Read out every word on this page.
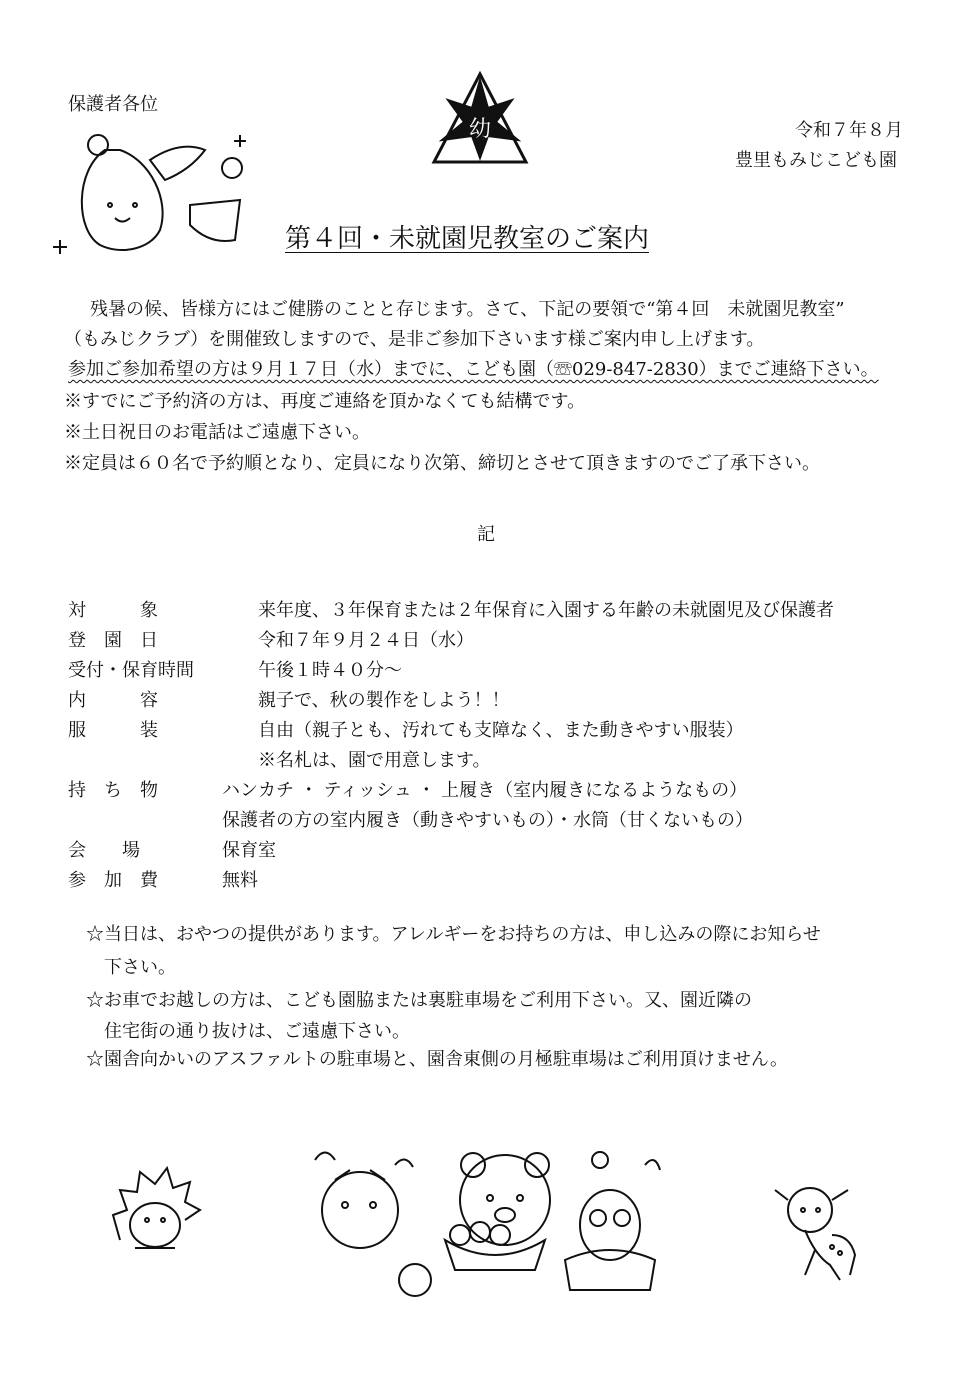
保護者各位
令和７年８月
豊里もみじこども園
幼
第４回・未就園児教室のご案内
残暑の候、皆様方にはご健勝のことと存じます。さて、下記の要領で“第４回　未就園児教室”
（もみじクラブ）を開催致しますので、是非ご参加下さいます様ご案内申し上げます。
参加ご参加希望の方は９月１７日（水）までに、こども園（☏029-847-2830）までご連絡下さい。
※すでにご予約済の方は、再度ご連絡を頂かなくても結構です。
※土日祝日のお電話はご遠慮下さい。
※定員は６０名で予約順となり、定員になり次第、締切とさせて頂きますのでご了承下さい。
記
対　　　象	来年度、３年保育または２年保育に入園する年齢の未就園児及び保護者
登　園　日	令和７年９月２４日（水）
受付・保育時間	午後１時４０分～
内　　　容	親子で、秋の製作をしよう！！
服　　　装	自由（親子とも、汚れても支障なく、また動きやすい服装）
※名札は、園で用意します。
持　ち　物	ハンカチ ・ ティッシュ ・ 上履き（室内履きになるようなもの）
保護者の方の室内履き（動きやすいもの）・水筒（甘くないもの）
会　　場	保育室
参　加　費	無料
☆当日は、おやつの提供があります。アレルギーをお持ちの方は、申し込みの際にお知らせ
　下さい。
☆お車でお越しの方は、こども園脇または裏駐車場をご利用下さい。又、園近隣の
　住宅街の通り抜けは、ご遠慮下さい。
☆園舎向かいのアスファルトの駐車場と、園舎東側の月極駐車場はご利用頂けません。
